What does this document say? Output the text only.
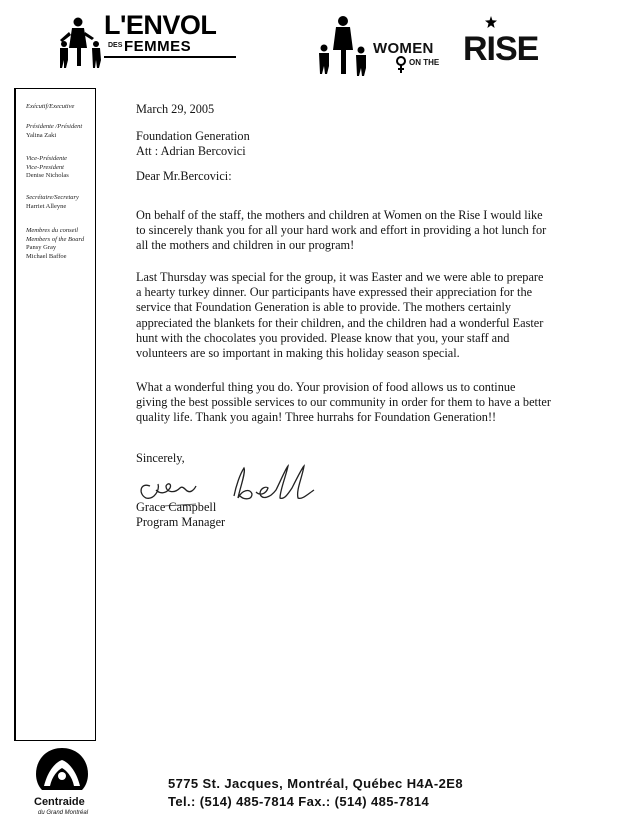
L'ENVOL
DES FEMMES	WOMEN
ON THE RISE
Exécutif/Executive
Présidente /Président
Yalina Zaki
Vice-Présidente
Vice-President
Denise Nicholas
Secrétaire/Secretary
Harriet Alleyne
Membres du conseil
Members of the Board
Pansy Gray
Michael Baffoe
March 29, 2005
Foundation Generation
Att : Adrian Bercovici
Dear Mr.Bercovici:
On behalf of the staff, the mothers and children at Women on the Rise I would like
to sincerely thank you for all your hard work and effort in providing a hot lunch for
all the mothers and children in our program!
Last Thursday was special for the group, it was Easter and we were able to prepare
a hearty turkey dinner. Our participants have expressed their appreciation for the
service that Foundation Generation is able to provide. The mothers certainly
appreciated the blankets for their children, and the children had a wonderful Easter
hunt with the chocolates you provided. Please know that you, your staff and
volunteers are so important in making this holiday season special.
What a wonderful thing you do. Your provision of food allows us to continue
giving the best possible services to our community in order for them to have a better
quality life. Thank you again! Three hurrahs for Foundation Generation!!
Sincerely,
Grace Campbell
Program Manager
Centraide
du Grand Montréal
5775 St. Jacques, Montréal, Québec H4A-2E8
Tel.: (514) 485-7814 Fax.: (514) 485-7814
